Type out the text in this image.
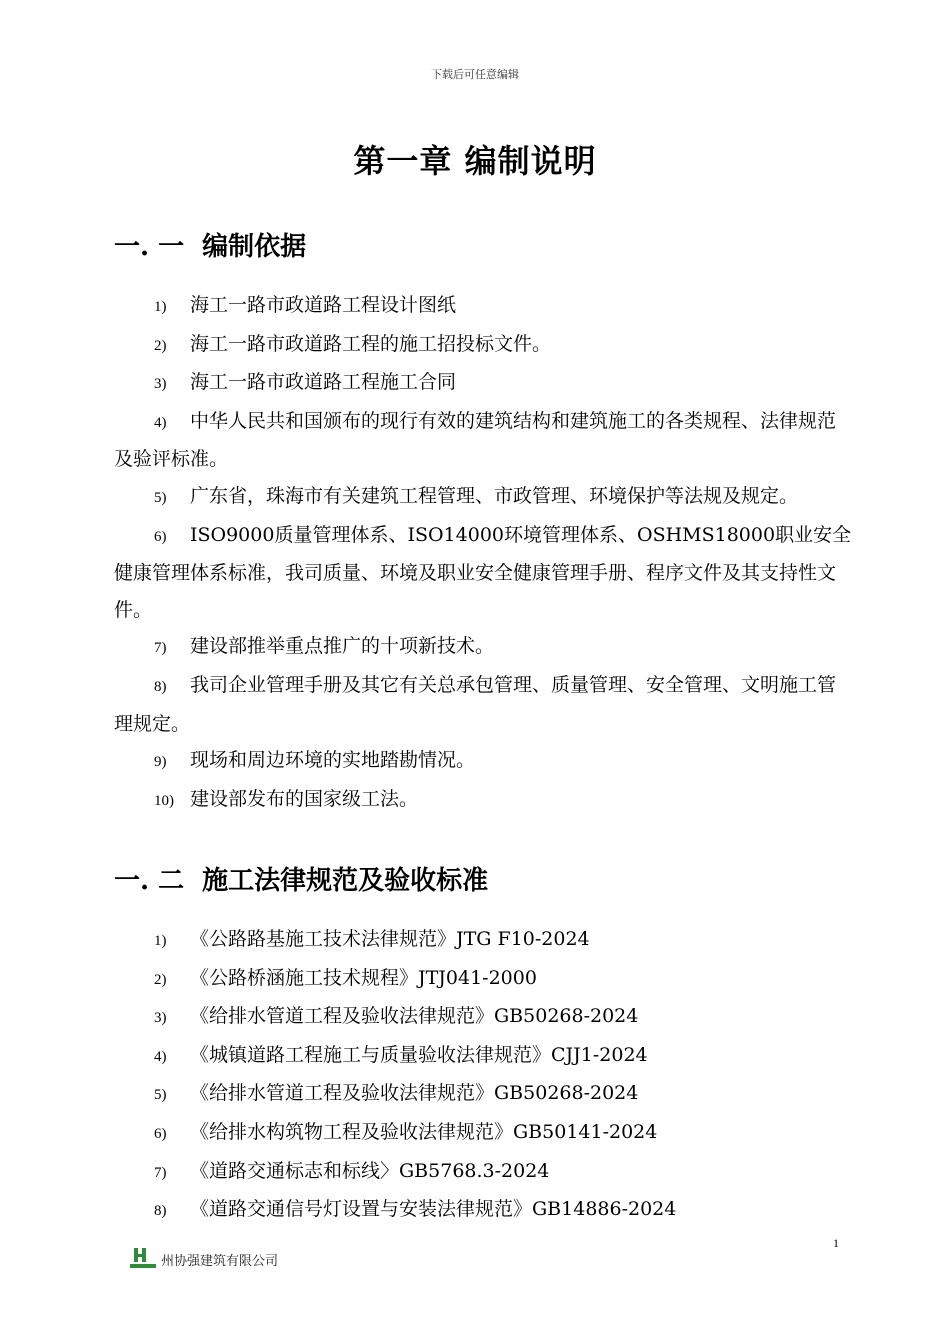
下载后可任意编辑
第一章 编制说明
一. 一 编制依据
1) 海工一路市政道路工程设计图纸
2) 海工一路市政道路工程的施工招投标文件。
3) 海工一路市政道路工程施工合同
4) 中华人民共和国颁布的现行有效的建筑结构和建筑施工的各类规程、法律规范及验评标准。
5) 广东省，珠海市有关建筑工程管理、市政管理、环境保护等法规及规定。
6) ISO9000质量管理体系、ISO14000环境管理体系、OSHMS18000职业安全健康管理体系标准，我司质量、环境及职业安全健康管理手册、程序文件及其支持性文件。
7) 建设部推举重点推广的十项新技术。
8) 我司企业管理手册及其它有关总承包管理、质量管理、安全管理、文明施工管理规定。
9) 现场和周边环境的实地踏勘情况。
10) 建设部发布的国家级工法。
一. 二 施工法律规范及验收标准
1) 《公路路基施工技术法律规范》JTG F10-2024
2) 《公路桥涵施工技术规程》JTJ041-2000
3) 《给排水管道工程及验收法律规范》GB50268-2024
4) 《城镇道路工程施工与质量验收法律规范》CJJ1-2024
5) 《给排水管道工程及验收法律规范》GB50268-2024
6) 《给排水构筑物工程及验收法律规范》GB50141-2024
7) 《道路交通标志和标线〉GB5768.3-2024
8) 《道路交通信号灯设置与安装法律规范》GB14886-2024
1
州协强建筑有限公司
